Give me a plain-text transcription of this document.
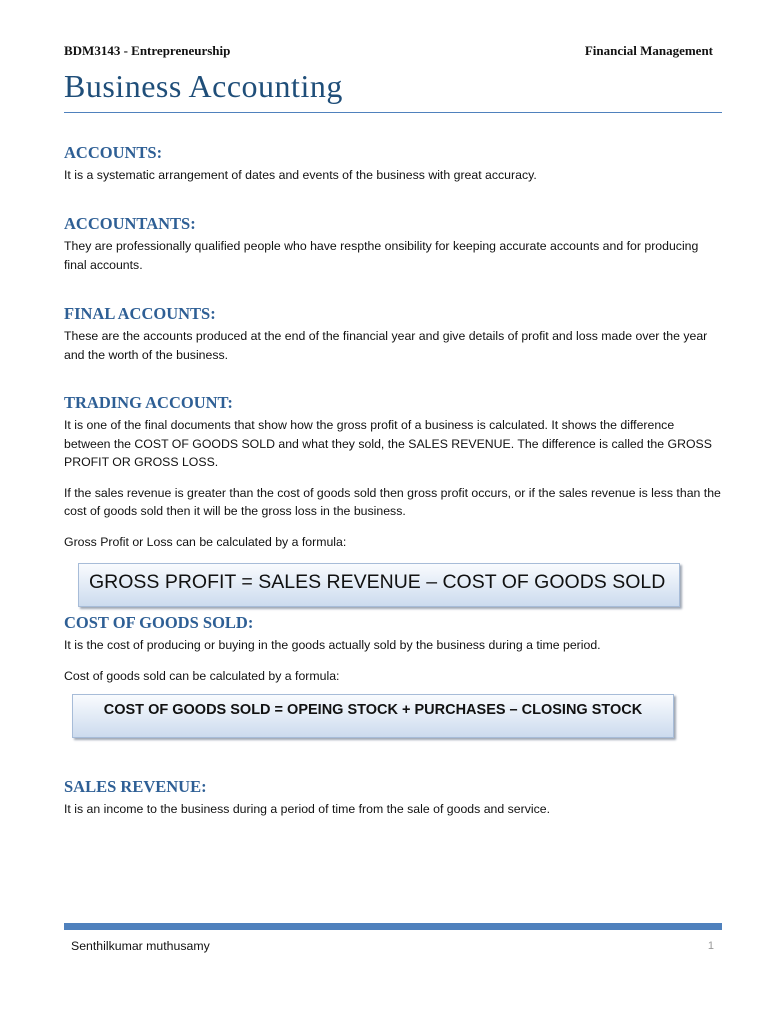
BDM3143 - Entrepreneurship	Financial Management
Business Accounting
ACCOUNTS:

It is a systematic arrangement of dates and events of the business with great accuracy.

ACCOUNTANTS:

They are professionally qualified people who have respthe onsibility for keeping accurate accounts and for producing final accounts.

FINAL ACCOUNTS:

These are the accounts produced at the end of the financial year and give details of profit and loss made over the year and the worth of the business.

TRADING ACCOUNT:

It is one of the final documents that show how the gross profit of a business is calculated. It shows the difference between the COST OF GOODS SOLD and what they sold, the SALES REVENUE. The difference is called the GROSS PROFIT OR GROSS LOSS.

If the sales revenue is greater than the cost of goods sold then gross profit occurs, or if the sales revenue is less than the cost of goods sold then it will be the gross loss in the business.

Gross Profit or Loss can be calculated by a formula:

GROSS PROFIT = SALES REVENUE – COST OF GOODS SOLD
COST OF GOODS SOLD:

It is the cost of producing or buying in the goods actually sold by the business during a time period.

Cost of goods sold can be calculated by a formula:

COST OF GOODS SOLD = OPEING STOCK + PURCHASES – CLOSING STOCK
SALES REVENUE:

It is an income to the business during a period of time from the sale of goods and service.

Senthilkumar muthusamy	1
